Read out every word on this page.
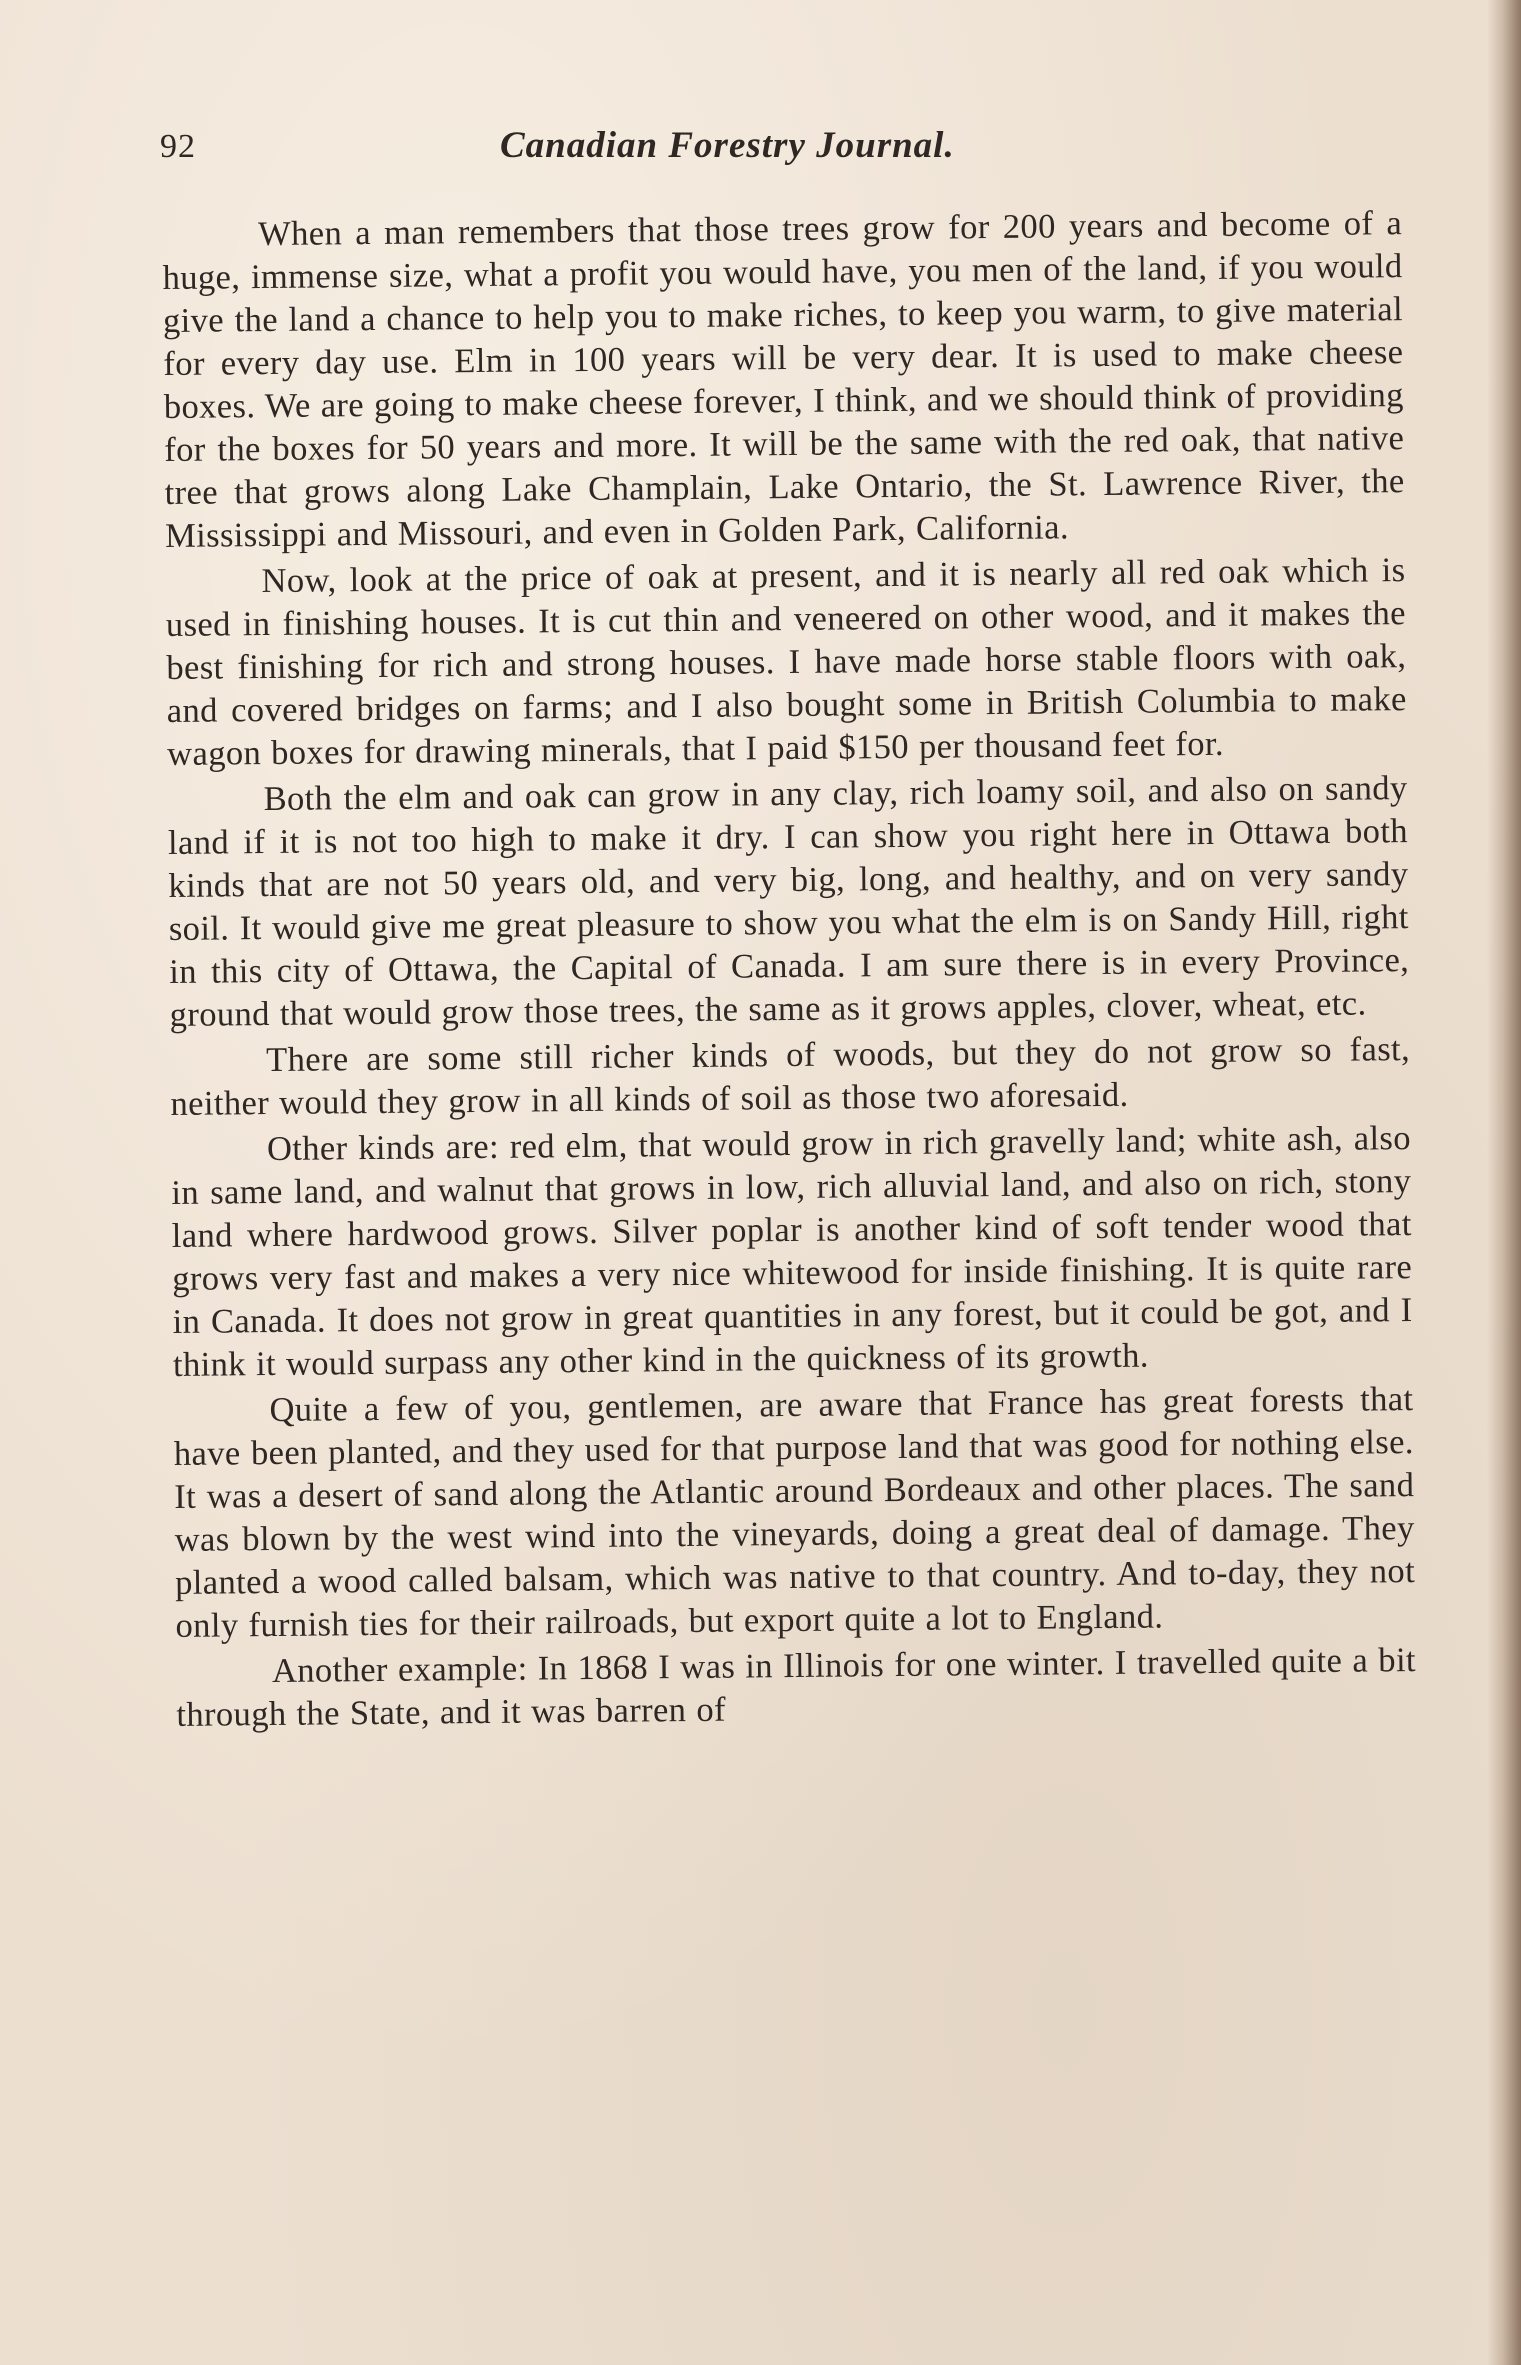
92	Canadian Forestry Journal.

When a man remembers that those trees grow for 200 years and become of a huge, immense size, what a profit you would have, you men of the land, if you would give the land a chance to help you to make riches, to keep you warm, to give material for every day use. Elm in 100 years will be very dear. It is used to make cheese boxes. We are going to make cheese forever, I think, and we should think of providing for the boxes for 50 years and more. It will be the same with the red oak, that native tree that grows along Lake Champlain, Lake Ontario, the St. Lawrence River, the Mississippi and Missouri, and even in Golden Park, California.

Now, look at the price of oak at present, and it is nearly all red oak which is used in finishing houses. It is cut thin and veneered on other wood, and it makes the best finishing for rich and strong houses. I have made horse stable floors with oak, and covered bridges on farms; and I also bought some in British Columbia to make wagon boxes for drawing minerals, that I paid $150 per thousand feet for.

Both the elm and oak can grow in any clay, rich loamy soil, and also on sandy land if it is not too high to make it dry. I can show you right here in Ottawa both kinds that are not 50 years old, and very big, long, and healthy, and on very sandy soil. It would give me great pleasure to show you what the elm is on Sandy Hill, right in this city of Ottawa, the Capital of Canada. I am sure there is in every Province, ground that would grow those trees, the same as it grows apples, clover, wheat, etc.

There are some still richer kinds of woods, but they do not grow so fast, neither would they grow in all kinds of soil as those two aforesaid.

Other kinds are: red elm, that would grow in rich gravelly land; white ash, also in same land, and walnut that grows in low, rich alluvial land, and also on rich, stony land where hardwood grows. Silver poplar is another kind of soft tender wood that grows very fast and makes a very nice whitewood for inside finishing. It is quite rare in Canada. It does not grow in great quantities in any forest, but it could be got, and I think it would surpass any other kind in the quickness of its growth.

Quite a few of you, gentlemen, are aware that France has great forests that have been planted, and they used for that purpose land that was good for nothing else. It was a desert of sand along the Atlantic around Bordeaux and other places. The sand was blown by the west wind into the vineyards, doing a great deal of damage. They planted a wood called balsam, which was native to that country. And to-day, they not only furnish ties for their railroads, but export quite a lot to England.

Another example: In 1868 I was in Illinois for one winter. I travelled quite a bit through the State, and it was barren of
